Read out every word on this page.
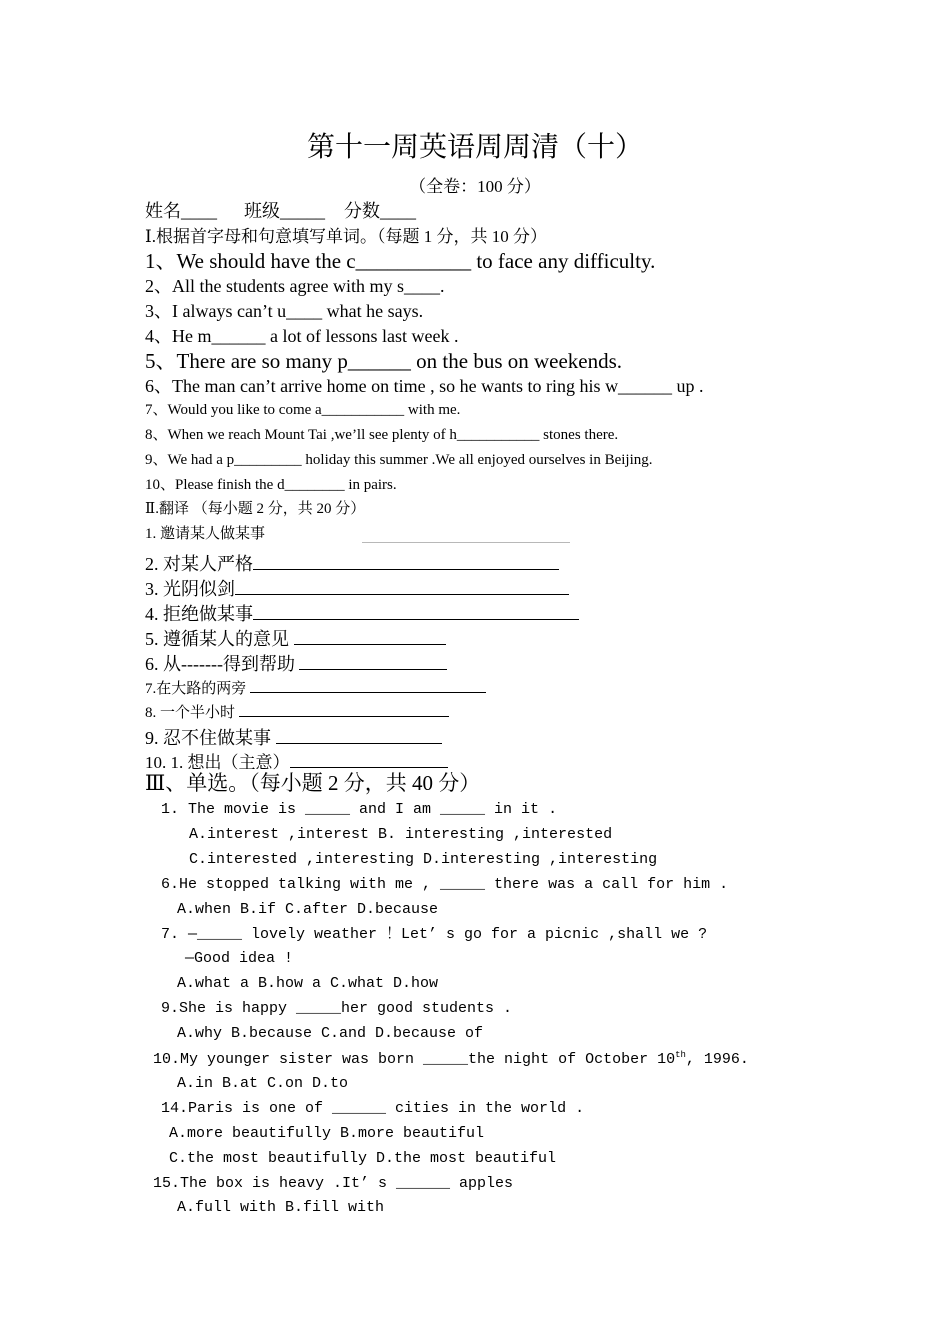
第十一周英语周周清（十）
（全卷：100 分）
姓名____ 班级_____ 分数____
Ⅰ.根据首字母和句意填写单词。（每题 1 分，共 10 分）
1、We should have the c___________ to face any difficulty.
2、All the students agree with my s____.
3、I always can’t u____ what he says.
4、He m______ a lot of lessons last week .
5、There are so many p______ on the bus on weekends.
6、The man can’t arrive home on time , so he wants to ring his w______ up .
7、Would you like to come a___________ with me.
8、When we reach Mount Tai ,we’ll see plenty of h___________ stones there.
9、We had a p_________ holiday this summer .We all enjoyed ourselves in Beijing.
10、Please finish the d________ in pairs.
Ⅱ.翻译 （每小题 2 分，共 20 分）
1. 邀请某人做某事
2. 对某人严格
3. 光阴似剑
4. 拒绝做某事
5. 遵循某人的意见
6. 从-------得到帮助
7.在大路的两旁
8. 一个半小时
9. 忍不住做某事
10. 1. 想出（主意）
Ⅲ、单选。（每小题 2 分，共 40 分）
1. The movie is _____ and I am _____ in it .
A.interest ,interest B. interesting ,interested
C.interested ,interesting D.interesting ,interesting
6.He stopped talking with me , _____ there was a call for him .
A.when B.if C.after D.because
7. —_____ lovely weather ！Let’ s go for a picnic ,shall we ?
—Good idea !
A.what a B.how a C.what D.how
9.She is happy _____her good students .
A.why B.because C.and D.because of
10.My younger sister was born _____the night of October 10th, 1996.
A.in B.at C.on D.to
14.Paris is one of ______ cities in the world .
A.more beautifully B.more beautiful
C.the most beautifully D.the most beautiful
15.The box is heavy .It’ s ______ apples
A.full with B.fill with
